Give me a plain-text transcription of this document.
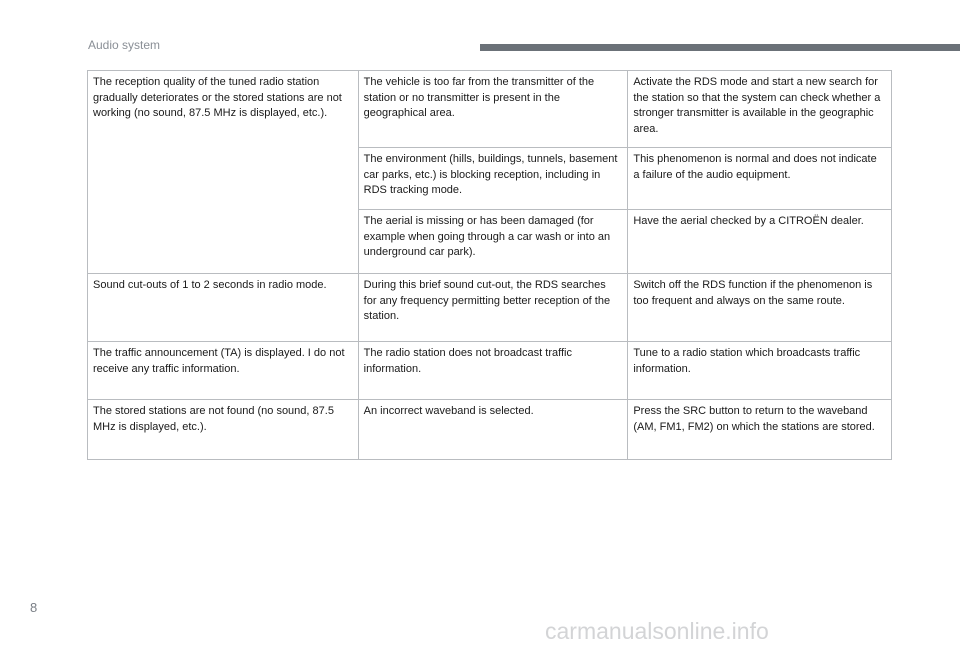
Audio system
The reception quality of the tuned radio station gradually deteriorates or the stored stations are not working (no sound, 87.5 MHz is displayed, etc.).	The vehicle is too far from the transmitter of the station or no transmitter is present in the geographical area.	Activate the RDS mode and start a new search for the station so that the system can check whether a stronger transmitter is available in the geographic area.
	The environment (hills, buildings, tunnels, basement car parks, etc.) is blocking reception, including in RDS tracking mode.	This phenomenon is normal and does not indicate a failure of the audio equipment.
	The aerial is missing or has been damaged (for example when going through a car wash or into an underground car park).	Have the aerial checked by a CITROËN dealer.
Sound cut-outs of 1 to 2 seconds in radio mode.	During this brief sound cut-out, the RDS searches for any frequency permitting better reception of the station.	Switch off the RDS function if the phenomenon is too frequent and always on the same route.
The traffic announcement (TA) is displayed. I do not receive any traffic information.	The radio station does not broadcast traffic information.	Tune to a radio station which broadcasts traffic information.
The stored stations are not found (no sound, 87.5 MHz is displayed, etc.).	An incorrect waveband is selected.	Press the SRC button to return to the waveband (AM, FM1, FM2) on which the stations are stored.
8
carmanualsonline.info
